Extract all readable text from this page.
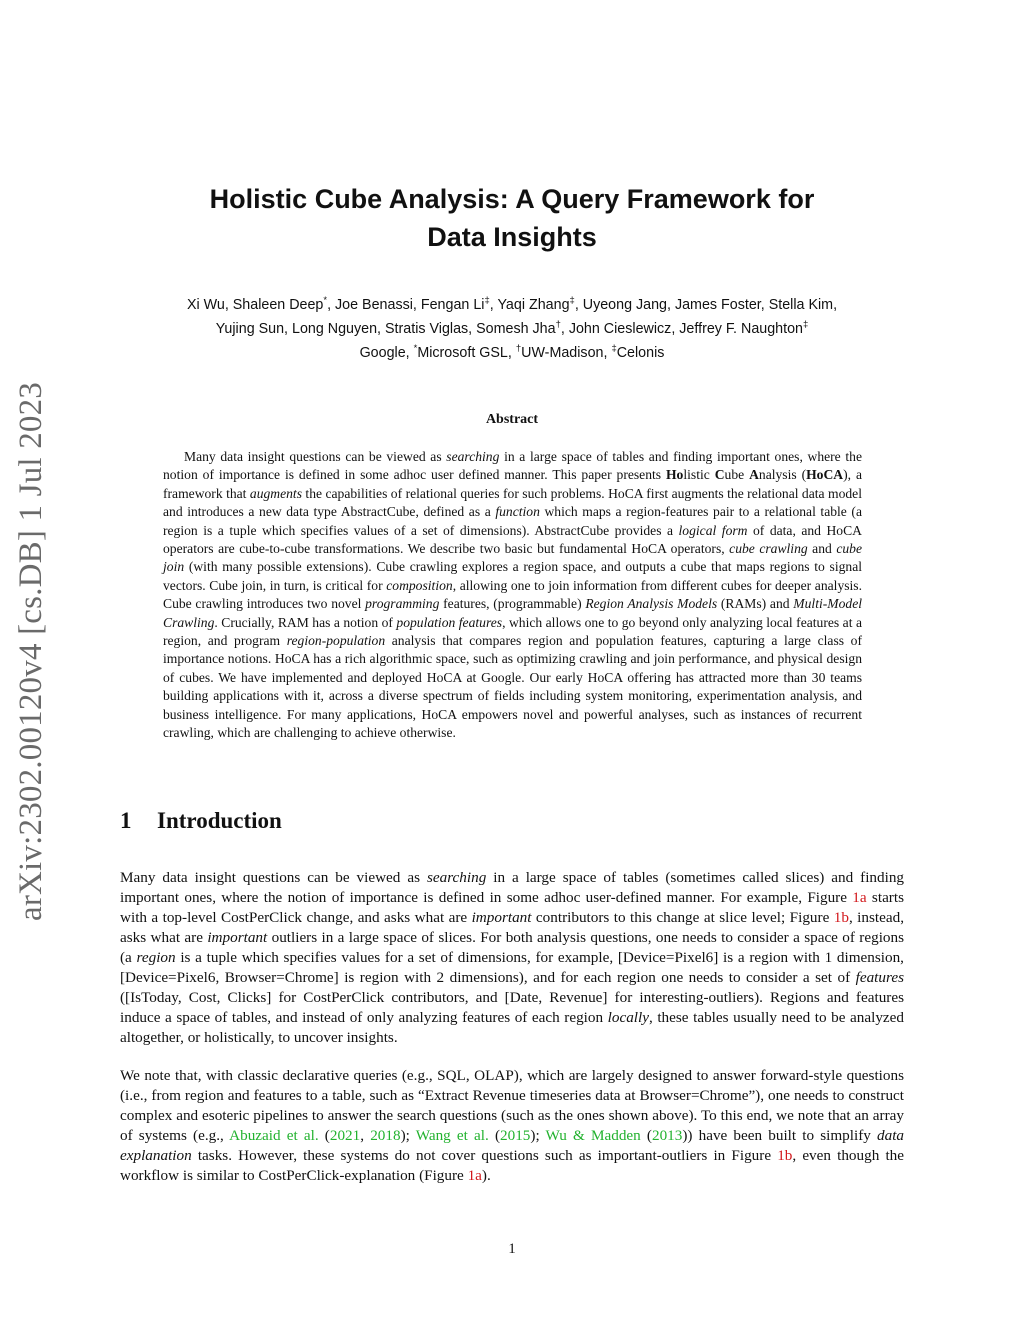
arXiv:2302.00120v4 [cs.DB] 1 Jul 2023
Holistic Cube Analysis: A Query Framework for
Data Insights
Xi Wu, Shaleen Deep*, Joe Benassi, Fengan Li‡, Yaqi Zhang‡, Uyeong Jang, James Foster, Stella Kim,
Yujing Sun, Long Nguyen, Stratis Viglas, Somesh Jha†, John Cieslewicz, Jeffrey F. Naughton‡
Google, *Microsoft GSL, †UW-Madison, ‡Celonis
Abstract

Many data insight questions can be viewed as searching in a large space of tables and finding important ones, where the notion of importance is defined in some adhoc user defined manner. This paper presents Holistic Cube Analysis (HoCA), a framework that augments the capabilities of relational queries for such problems. HoCA first augments the relational data model and introduces a new data type AbstractCube, defined as a function which maps a region-features pair to a relational table (a region is a tuple which specifies values of a set of dimensions). AbstractCube provides a logical form of data, and HoCA operators are cube-to-cube transformations. We describe two basic but fundamental HoCA operators, cube crawling and cube join (with many possible extensions). Cube crawling explores a region space, and outputs a cube that maps regions to signal vectors. Cube join, in turn, is critical for composition, allowing one to join information from different cubes for deeper analysis. Cube crawling introduces two novel programming features, (programmable) Region Analysis Models (RAMs) and Multi-Model Crawling. Crucially, RAM has a notion of population features, which allows one to go beyond only analyzing local features at a region, and program region-population analysis that compares region and population features, capturing a large class of importance notions. HoCA has a rich algorithmic space, such as optimizing crawling and join performance, and physical design of cubes. We have implemented and deployed HoCA at Google. Our early HoCA offering has attracted more than 30 teams building applications with it, across a diverse spectrum of fields including system monitoring, experimentation analysis, and business intelligence. For many applications, HoCA empowers novel and powerful analyses, such as instances of recurrent crawling, which are challenging to achieve otherwise.

1 Introduction

Many data insight questions can be viewed as searching in a large space of tables (sometimes called slices) and finding important ones, where the notion of importance is defined in some adhoc user-defined manner. For example, Figure 1a starts with a top-level CostPerClick change, and asks what are important contributors to this change at slice level; Figure 1b, instead, asks what are important outliers in a large space of slices. For both analysis questions, one needs to consider a space of regions (a region is a tuple which specifies values for a set of dimensions, for example, [Device=Pixel6] is a region with 1 dimension, [Device=Pixel6, Browser=Chrome] is region with 2 dimensions), and for each region one needs to consider a set of features ([IsToday, Cost, Clicks] for CostPerClick contributors, and [Date, Revenue] for interesting-outliers). Regions and features induce a space of tables, and instead of only analyzing features of each region locally, these tables usually need to be analyzed altogether, or holistically, to uncover insights.

We note that, with classic declarative queries (e.g., SQL, OLAP), which are largely designed to answer forward-style questions (i.e., from region and features to a table, such as “Extract Revenue timeseries data at Browser=Chrome”), one needs to construct complex and esoteric pipelines to answer the search questions (such as the ones shown above). To this end, we note that an array of systems (e.g., Abuzaid et al. (2021, 2018); Wang et al. (2015); Wu & Madden (2013)) have been built to simplify data explanation tasks. However, these systems do not cover questions such as important-outliers in Figure 1b, even though the workflow is similar to CostPerClick-explanation (Figure 1a).

1
